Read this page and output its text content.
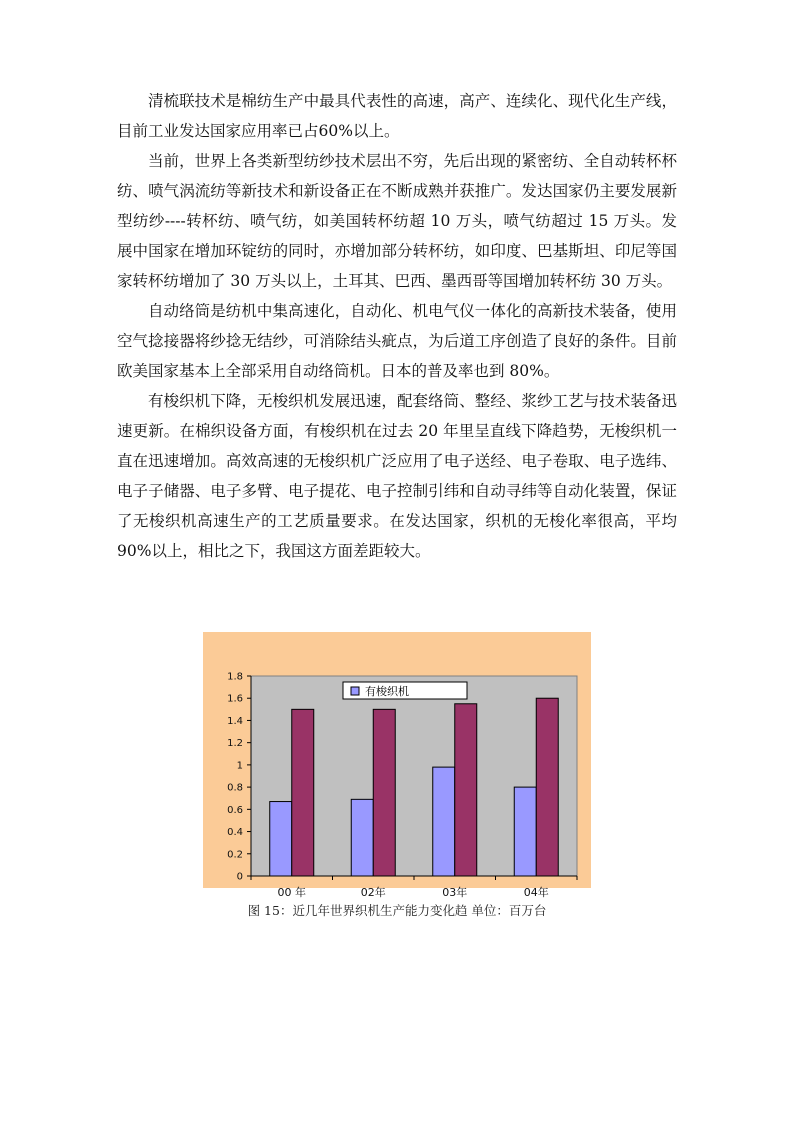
清梳联技术是棉纺生产中最具代表性的高速，高产、连续化、现代化生产线，目前工业发达国家应用率已占60%以上。

当前，世界上各类新型纺纱技术层出不穷，先后出现的紧密纺、全自动转杯杯纺、喷气涡流纺等新技术和新设备正在不断成熟并获推广。发达国家仍主要发展新型纺纱----转杯纺、喷气纺，如美国转杯纺超 10 万头，喷气纺超过 15 万头。发展中国家在增加环锭纺的同时，亦增加部分转杯纺，如印度、巴基斯坦、印尼等国家转杯纺增加了 30 万头以上，土耳其、巴西、墨西哥等国增加转杯纺 30 万头。

自动络筒是纺机中集高速化，自动化、机电气仪一体化的高新技术装备，使用空气捻接器将纱捻无结纱，可消除结头疵点，为后道工序创造了良好的条件。目前欧美国家基本上全部采用自动络筒机。日本的普及率也到 80%。

有梭织机下降，无梭织机发展迅速，配套络筒、整经、浆纱工艺与技术装备迅速更新。在棉织设备方面，有梭织机在过去 20 年里呈直线下降趋势，无梭织机一直在迅速增加。高效高速的无梭织机广泛应用了电子送经、电子卷取、电子选纬、电子子储器、电子多臂、电子提花、电子控制引纬和自动寻纬等自动化装置，保证了无梭织机高速生产的工艺质量要求。在发达国家，织机的无梭化率很高，平均 90%以上，相比之下，我国这方面差距较大。

0
0.2
0.4
0.6
0.8
1
1.2
1.4
1.6
1.8
00 年	02年	03年	04年
有梭织机
图 15：近几年世界织机生产能力变化趋 单位：百万台
